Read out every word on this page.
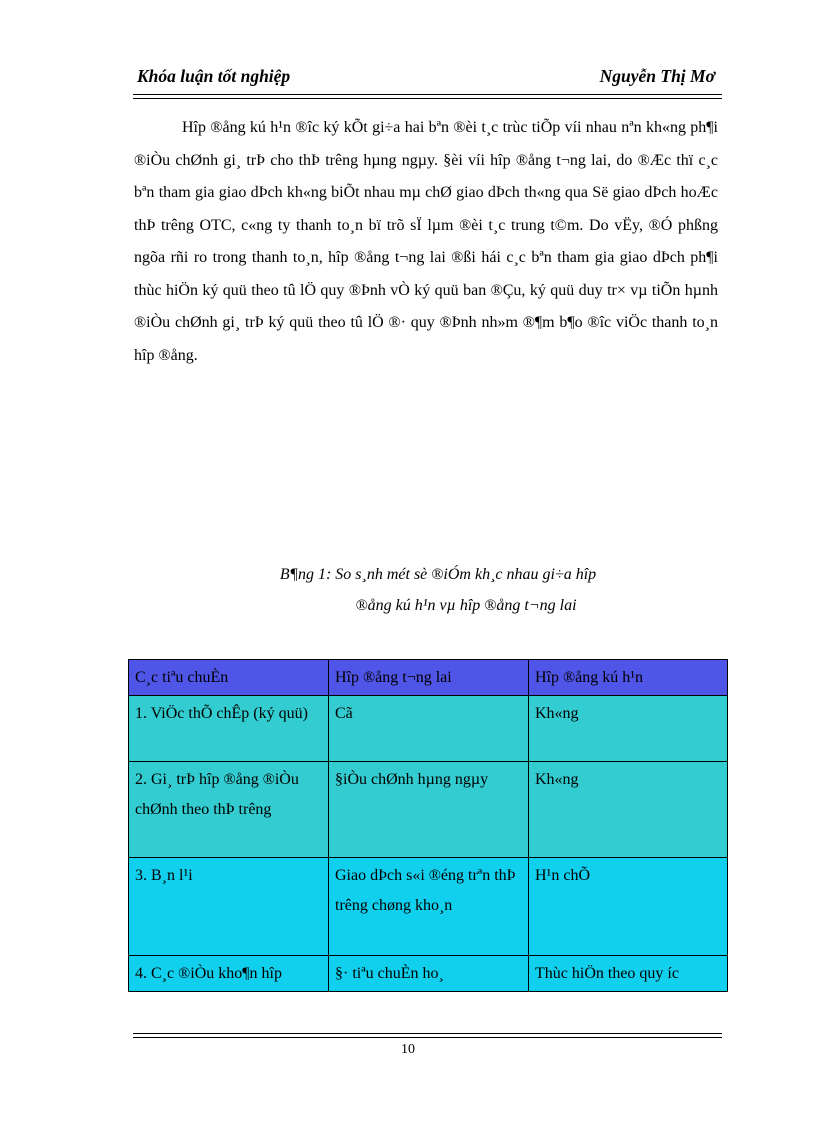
Khóa luận tốt nghiệp	Nguyễn Thị Mơ

Hîp ®ång kú h¹n ®îc ký kÕt gi÷a hai bªn ®èi t¸c trùc tiÕp víi nhau nªn kh«ng ph¶i ®iÒu chØnh gi¸ trÞ cho thÞ trêng hµng ngµy. §èi víi hîp ®ång t¬ng lai, do ®Æc thï c¸c bªn tham gia giao dÞch kh«ng biÕt nhau mµ chØ giao dÞch th«ng qua Së giao dÞch hoÆc thÞ trêng OTC, c«ng ty thanh to¸n bï trõ sÏ lµm ®èi t¸c trung t©m. Do vËy, ®Ó phßng ngõa rñi ro trong thanh to¸n, hîp ®ång t¬ng lai ®ßi hái c¸c bªn tham gia giao dÞch ph¶i thùc hiÖn ký quü theo tû lÖ quy ®Þnh vÒ ký quü ban ®Çu, ký quü duy tr× vµ tiÕn hµnh ®iÒu chØnh gi¸ trÞ ký quü theo tû lÖ ®· quy ®Þnh nh»m ®¶m b¶o ®îc viÖc thanh to¸n hîp ®ång.

B¶ng 1: So s¸nh mét sè ®iÓm kh¸c nhau gi÷a hîp
®ång kú h¹n vµ hîp ®ång t¬ng lai
C¸c tiªu chuÈn	Hîp ®ång t¬ng lai	Hîp ®ång kú h¹n
1. ViÖc thÕ chÊp (ký quü)	Cã	Kh«ng
2. Gi¸ trÞ hîp ®ång ®iÒu chØnh theo thÞ trêng	§iÒu chØnh hµng ngµy	Kh«ng
3. B¸n l¹i	Giao dÞch s«i ®éng trªn thÞ trêng chøng kho¸n	H¹n chÕ
4. C¸c ®iÒu kho¶n hîp	§· tiªu chuÈn ho¸	Thùc hiÖn theo quy íc
10
